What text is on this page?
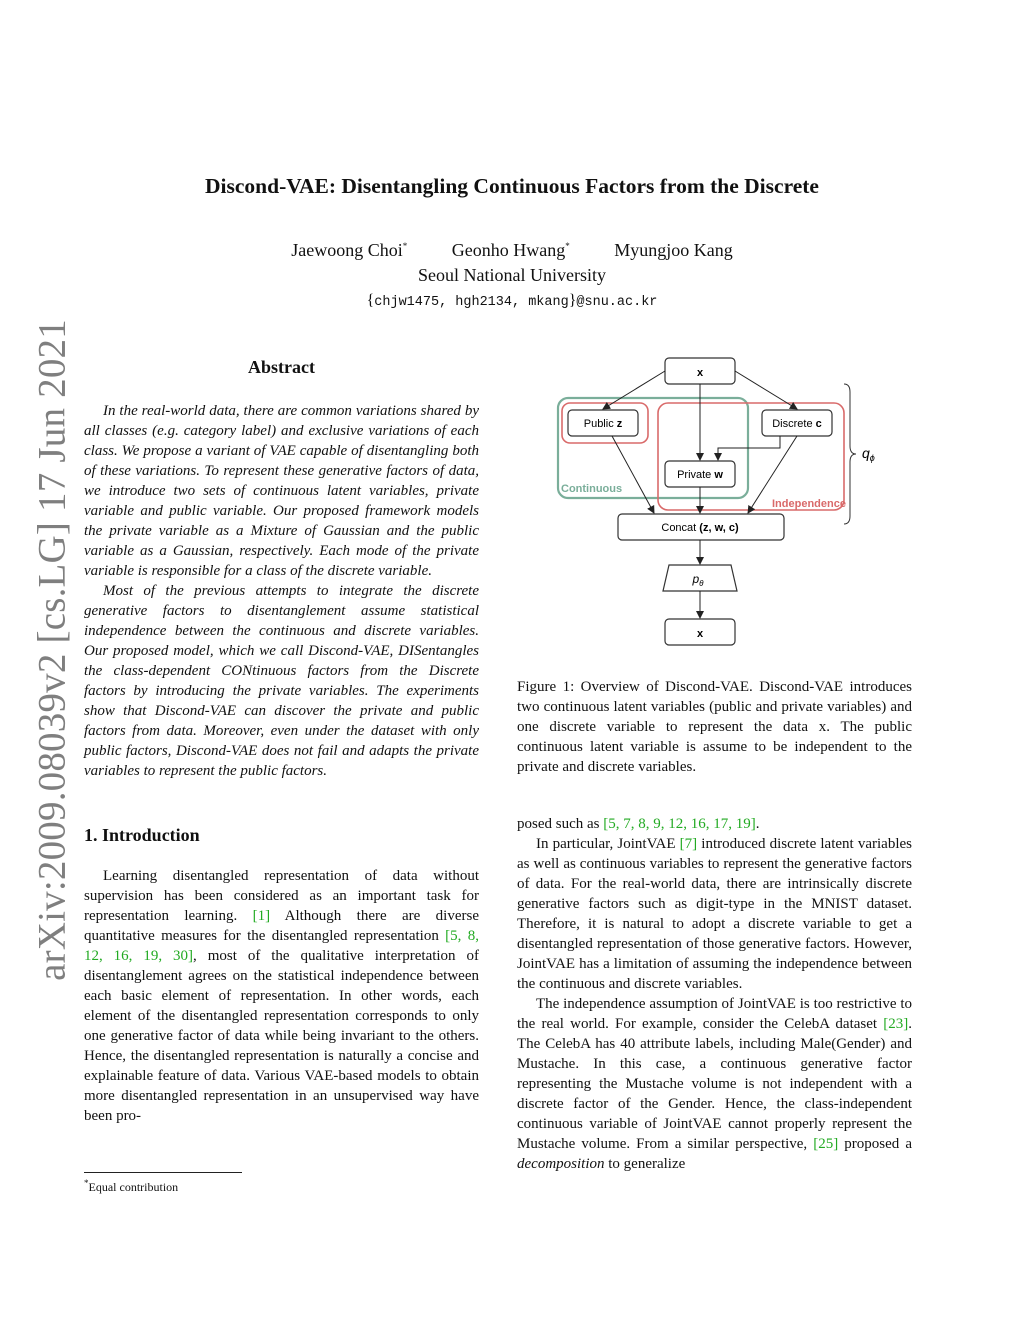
arXiv:2009.08039v2 [cs.LG] 17 Jun 2021
Discond-VAE: Disentangling Continuous Factors from the Discrete
Jaewoong Choi* Geonho Hwang* Myungjoo Kang
Seoul National University
{chjw1475, hgh2134, mkang}@snu.ac.kr
Abstract

In the real-world data, there are common variations shared by all classes (e.g. category label) and exclusive variations of each class. We propose a variant of VAE capable of disentangling both of these variations. To represent these generative factors of data, we introduce two sets of continuous latent variables, private variable and public variable. Our proposed framework models the private variable as a Mixture of Gaussian and the public variable as a Gaussian, respectively. Each mode of the private variable is responsible for a class of the discrete variable.

Most of the previous attempts to integrate the discrete generative factors to disentanglement assume statistical independence between the continuous and discrete variables. Our proposed model, which we call Discond-VAE, DISentangles the class-dependent CONtinuous factors from the Discrete factors by introducing the private variables. The experiments show that Discond-VAE can discover the private and public factors from data. Moreover, even under the dataset with only public factors, Discond-VAE does not fail and adapts the private variables to represent the public factors.

1. Introduction

Learning disentangled representation of data without supervision has been considered as an important task for representation learning. [1] Although there are diverse quantitative measures for the disentangled representation [5, 8, 12, 16, 19, 30], most of the qualitative interpretation of disentanglement agrees on the statistical independence between each basic element of representation. In other words, each element of the disentangled representation corresponds to only one generative factor of data while being invariant to the others. Hence, the disentangled representation is naturally a concise and explainable feature of data. Various VAE-based models to obtain more disentangled representation in an unsupervised way have been pro-

Continuous
Independence
x
Public z	Discrete c
Private w
Concat (z, w, c)
$p_\theta$
x
$q_\phi$

Figure 1: Overview of Discond-VAE. Discond-VAE introduces two continuous latent variables (public and private variables) and one discrete variable to represent the data x. The public continuous latent variable is assume to be independent to the private and discrete variables.

posed such as [5, 7, 8, 9, 12, 16, 17, 19].

In particular, JointVAE [7] introduced discrete latent variables as well as continuous variables to represent the generative factors of data. For the real-world data, there are intrinsically discrete generative factors such as digit-type in the MNIST dataset. Therefore, it is natural to adopt a discrete variable to get a disentangled representation of those generative factors. However, JointVAE has a limitation of assuming the independence between the continuous and discrete variables.

The independence assumption of JointVAE is too restrictive to the real world. For example, consider the CelebA dataset [23]. The CelebA has 40 attribute labels, including Male(Gender) and Mustache. In this case, a continuous generative factor representing the Mustache volume is not independent with a discrete factor of the Gender. Hence, the class-independent continuous variable of JointVAE cannot properly represent the Mustache volume. From a similar perspective, [25] proposed a decomposition to generalize

*Equal contribution
